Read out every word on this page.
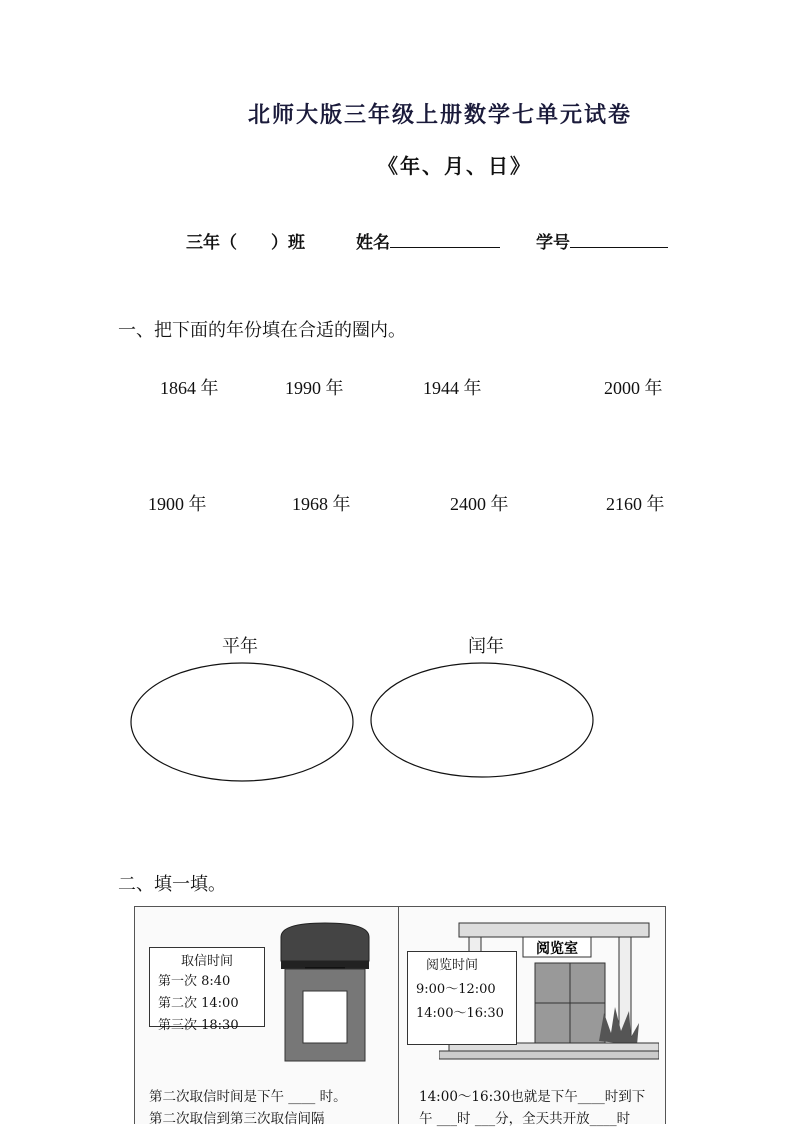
北师大版三年级上册数学七单元试卷
《年、月、日》
三年（　　）班	姓名	学号
一、把下面的年份填在合适的圈内。
1864 年	1990 年	1944 年	2000 年
1900 年	1968 年	2400 年	2160 年
平年	闰年
二、填一填。
取信时间
第一次 8:40
第二次 14:00
第三次 18:30
第二次取信时间是下午 ____ 时。
第二次取信到第三次取信间隔
阅览室
阅览时间
9:00～12:00
14:00～16:30
14:00～16:30也就是下午____时到下
午 ___时 ___分，全天共开放____时
